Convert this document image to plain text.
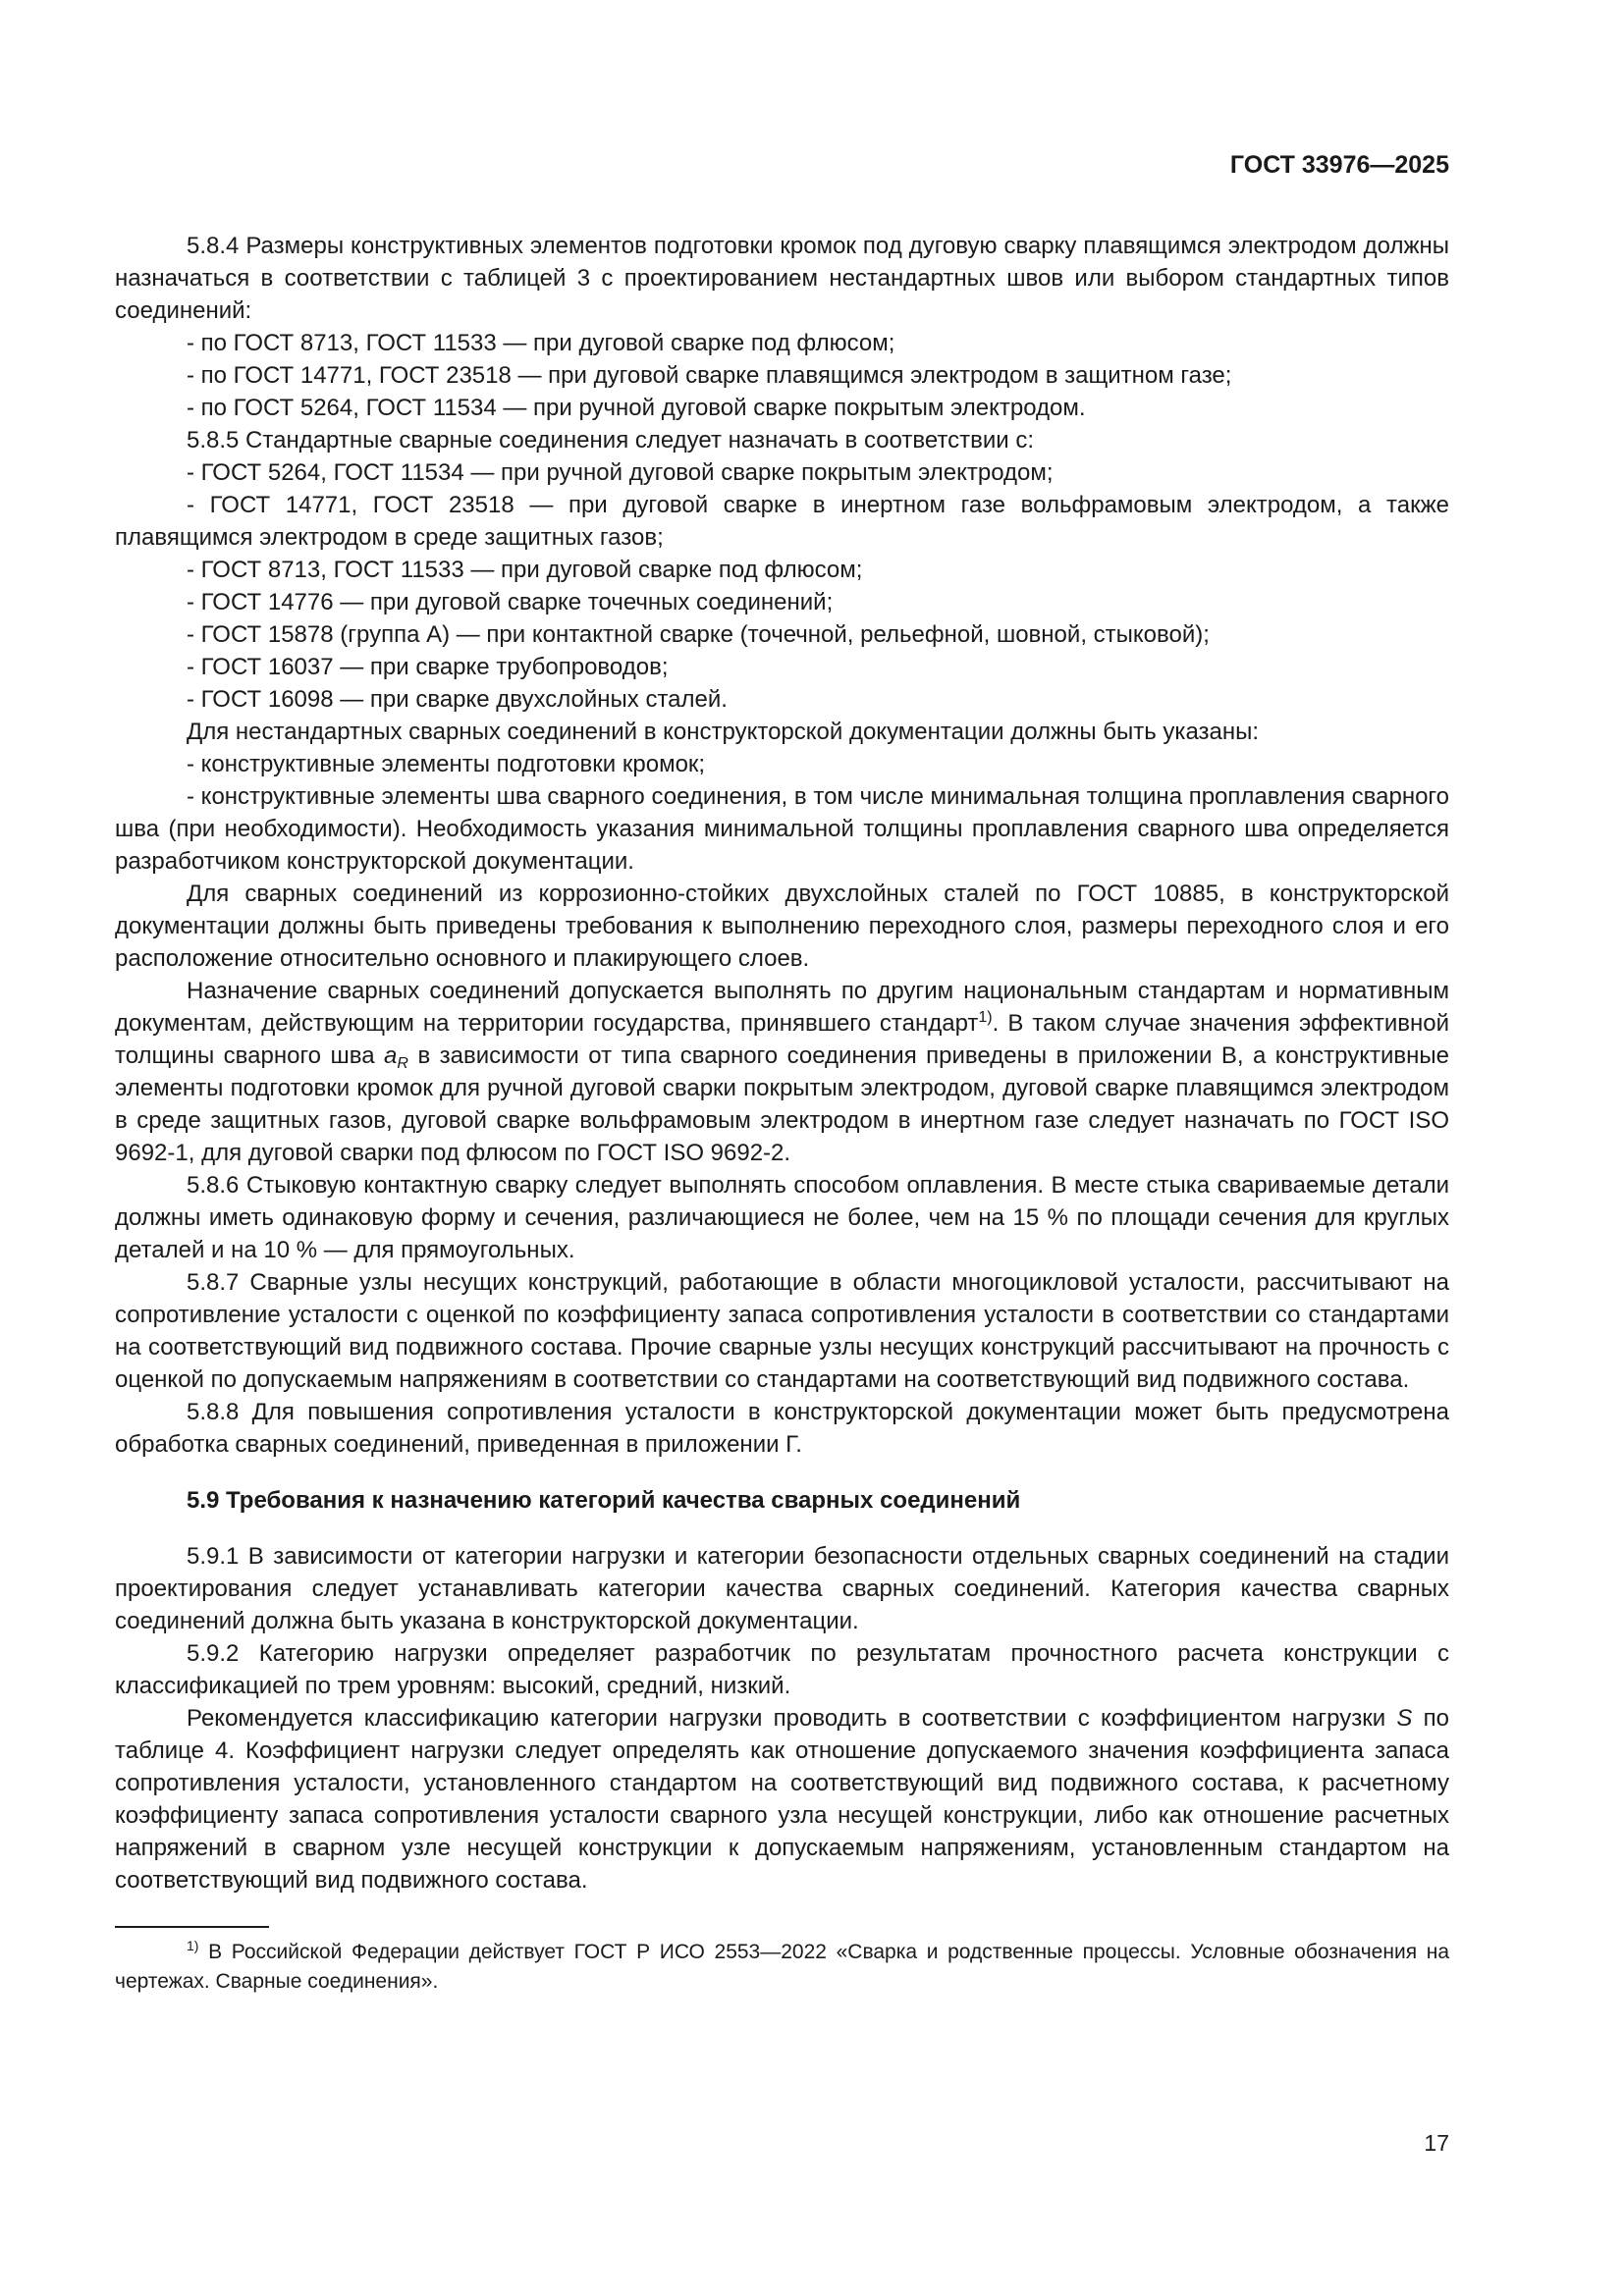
ГОСТ 33976—2025

5.8.4 Размеры конструктивных элементов подготовки кромок под дуговую сварку плавящимся электродом должны назначаться в соответствии с таблицей 3 с проектированием нестандартных швов или выбором стандартных типов соединений:

- по ГОСТ 8713, ГОСТ 11533 — при дуговой сварке под флюсом;

- по ГОСТ 14771, ГОСТ 23518 — при дуговой сварке плавящимся электродом в защитном газе;

- по ГОСТ 5264, ГОСТ 11534 — при ручной дуговой сварке покрытым электродом.

5.8.5 Стандартные сварные соединения следует назначать в соответствии с:

- ГОСТ 5264, ГОСТ 11534 — при ручной дуговой сварке покрытым электродом;

- ГОСТ 14771, ГОСТ 23518 — при дуговой сварке в инертном газе вольфрамовым электродом, а также плавящимся электродом в среде защитных газов;

- ГОСТ 8713, ГОСТ 11533 — при дуговой сварке под флюсом;

- ГОСТ 14776 — при дуговой сварке точечных соединений;

- ГОСТ 15878 (группа А) — при контактной сварке (точечной, рельефной, шовной, стыковой);

- ГОСТ 16037 — при сварке трубопроводов;

- ГОСТ 16098 — при сварке двухслойных сталей.

Для нестандартных сварных соединений в конструкторской документации должны быть указаны:

- конструктивные элементы подготовки кромок;

- конструктивные элементы шва сварного соединения, в том числе минимальная толщина проплавления сварного шва (при необходимости). Необходимость указания минимальной толщины проплавления сварного шва определяется разработчиком конструкторской документации.

Для сварных соединений из коррозионно-стойких двухслойных сталей по ГОСТ 10885, в конструкторской документации должны быть приведены требования к выполнению переходного слоя, размеры переходного слоя и его расположение относительно основного и плакирующего слоев.

Назначение сварных соединений допускается выполнять по другим национальным стандартам и нормативным документам, действующим на территории государства, принявшего стандарт$^{1)}$. В таком случае значения эффективной толщины сварного шва $a_R$ в зависимости от типа сварного соединения приведены в приложении В, а конструктивные элементы подготовки кромок для ручной дуговой сварки покрытым электродом, дуговой сварке плавящимся электродом в среде защитных газов, дуговой сварке вольфрамовым электродом в инертном газе следует назначать по ГОСТ ISO 9692-1, для дуговой сварки под флюсом по ГОСТ ISO 9692-2.

5.8.6 Стыковую контактную сварку следует выполнять способом оплавления. В месте стыка свариваемые детали должны иметь одинаковую форму и сечения, различающиеся не более, чем на 15 % по площади сечения для круглых деталей и на 10 % — для прямоугольных.

5.8.7 Сварные узлы несущих конструкций, работающие в области многоцикловой усталости, рассчитывают на сопротивление усталости с оценкой по коэффициенту запаса сопротивления усталости в соответствии со стандартами на соответствующий вид подвижного состава. Прочие сварные узлы несущих конструкций рассчитывают на прочность с оценкой по допускаемым напряжениям в соответствии со стандартами на соответствующий вид подвижного состава.

5.8.8 Для повышения сопротивления усталости в конструкторской документации может быть предусмотрена обработка сварных соединений, приведенная в приложении Г.

5.9 Требования к назначению категорий качества сварных соединений

5.9.1 В зависимости от категории нагрузки и категории безопасности отдельных сварных соединений на стадии проектирования следует устанавливать категории качества сварных соединений. Категория качества сварных соединений должна быть указана в конструкторской документации.

5.9.2 Категорию нагрузки определяет разработчик по результатам прочностного расчета конструкции с классификацией по трем уровням: высокий, средний, низкий.

Рекомендуется классификацию категории нагрузки проводить в соответствии с коэффициентом нагрузки S по таблице 4. Коэффициент нагрузки следует определять как отношение допускаемого значения коэффициента запаса сопротивления усталости, установленного стандартом на соответствующий вид подвижного состава, к расчетному коэффициенту запаса сопротивления усталости сварного узла несущей конструкции, либо как отношение расчетных напряжений в сварном узле несущей конструкции к допускаемым напряжениям, установленным стандартом на соответствующий вид подвижного состава.

$^{1)}$ В Российской Федерации действует ГОСТ Р ИСО 2553—2022 «Сварка и родственные процессы. Условные обозначения на чертежах. Сварные соединения».

17
